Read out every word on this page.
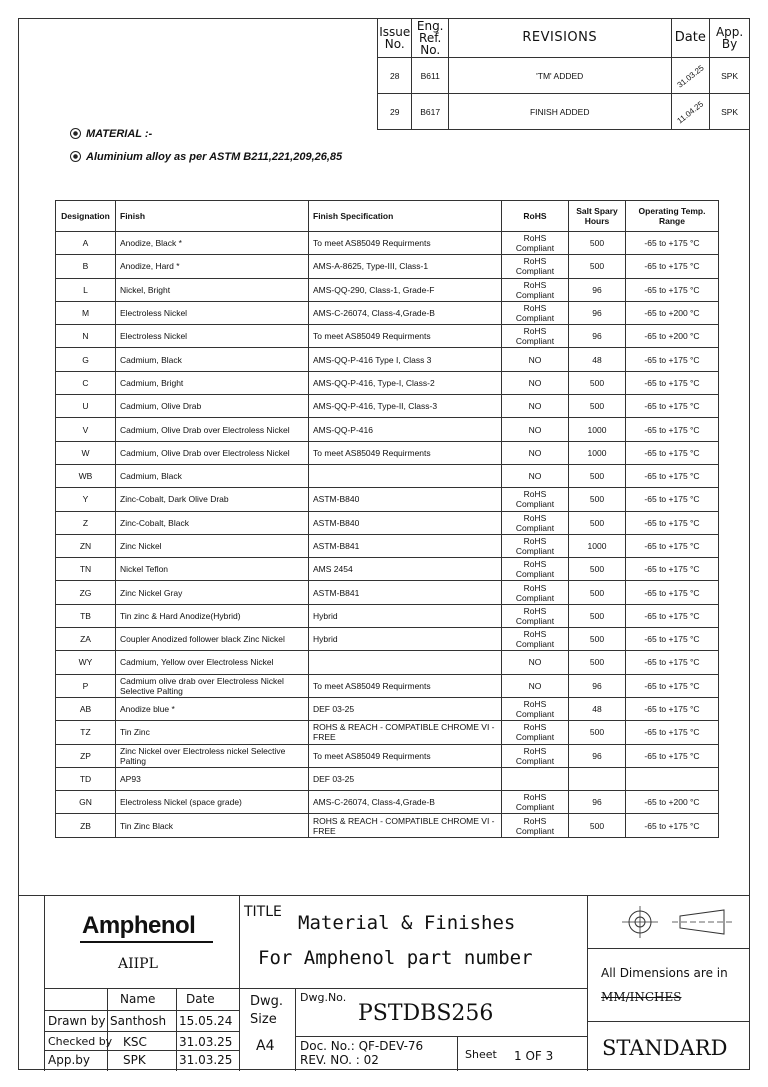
Issue No.	Eng. Ref. No.	REVISIONS	Date	App. By
28	B611	'TM' ADDED	31.03.25	SPK
29	B617	FINISH ADDED	11.04.25	SPK
MATERIAL :-
Aluminium alloy as per ASTM B211,221,209,26,85
Designation	Finish	Finish Specification	RoHS	Salt Spary Hours	Operating Temp. Range
A	Anodize, Black *	To meet AS85049 Requirments	RoHS Compliant	500	-65 to +175 °C
B	Anodize, Hard *	AMS-A-8625, Type-III, Class-1	RoHS Compliant	500	-65 to +175 °C
L	Nickel, Bright	AMS-QQ-290, Class-1, Grade-F	RoHS Compliant	96	-65 to +175 °C
M	Electroless Nickel	AMS-C-26074, Class-4,Grade-B	RoHS Compliant	96	-65 to +200 °C
N	Electroless Nickel	To meet AS85049 Requirments	RoHS Compliant	96	-65 to +200 °C
G	Cadmium, Black	AMS-QQ-P-416 Type I, Class 3	NO	48	-65 to +175 °C
C	Cadmium, Bright	AMS-QQ-P-416, Type-I, Class-2	NO	500	-65 to +175 °C
U	Cadmium, Olive Drab	AMS-QQ-P-416, Type-II, Class-3	NO	500	-65 to +175 °C
V	Cadmium, Olive Drab over Electroless Nickel	AMS-QQ-P-416	NO	1000	-65 to +175 °C
W	Cadmium, Olive Drab over Electroless Nickel	To meet AS85049 Requirments	NO	1000	-65 to +175 °C
WB	Cadmium, Black		NO	500	-65 to +175 °C
Y	Zinc-Cobalt, Dark Olive Drab	ASTM-B840	RoHS Compliant	500	-65 to +175 °C
Z	Zinc-Cobalt, Black	ASTM-B840	RoHS Compliant	500	-65 to +175 °C
ZN	Zinc Nickel	ASTM-B841	RoHS Compliant	1000	-65 to +175 °C
TN	Nickel Teflon	AMS 2454	RoHS Compliant	500	-65 to +175 °C
ZG	Zinc Nickel Gray	ASTM-B841	RoHS Compliant	500	-65 to +175 °C
TB	Tin zinc & Hard Anodize(Hybrid)	Hybrid	RoHS Compliant	500	-65 to +175 °C
ZA	Coupler Anodized follower black Zinc Nickel	Hybrid	RoHS Compliant	500	-65 to +175 °C
WY	Cadmium, Yellow over Electroless Nickel		NO	500	-65 to +175 °C
P	Cadmium olive drab over Electroless Nickel Selective Palting	To meet AS85049 Requirments	NO	96	-65 to +175 °C
AB	Anodize blue *	DEF 03-25	RoHS Compliant	48	-65 to +175 °C
TZ	Tin Zinc	ROHS & REACH - COMPATIBLE CHROME VI - FREE	RoHS Compliant	500	-65 to +175 °C
ZP	Zinc Nickel over Electroless nickel Selective Palting	To meet AS85049 Requirments	RoHS Compliant	96	-65 to +175 °C
TD	AP93	DEF 03-25			
GN	Electroless Nickel (space grade)	AMS-C-26074, Class-4,Grade-B	RoHS Compliant	96	-65 to +200 °C
ZB	Tin Zinc Black	ROHS & REACH - COMPATIBLE CHROME VI - FREE	RoHS Compliant	500	-65 to +175 °C
Amphenol
AIIPL
Name	Date
Drawn by Santhosh 15.05.24
Checked by KSC	31.03.25
App.by	SPK	31.03.25
TITLE Material & Finishes
For Amphenol part number
Dwg. Size
A4
Dwg.No.
PSTDBS256
Doc. No.: QF-DEV-76
REV. NO. : 02	Sheet 1 OF 3
All Dimensions are in
MM/INCHES
STANDARD
